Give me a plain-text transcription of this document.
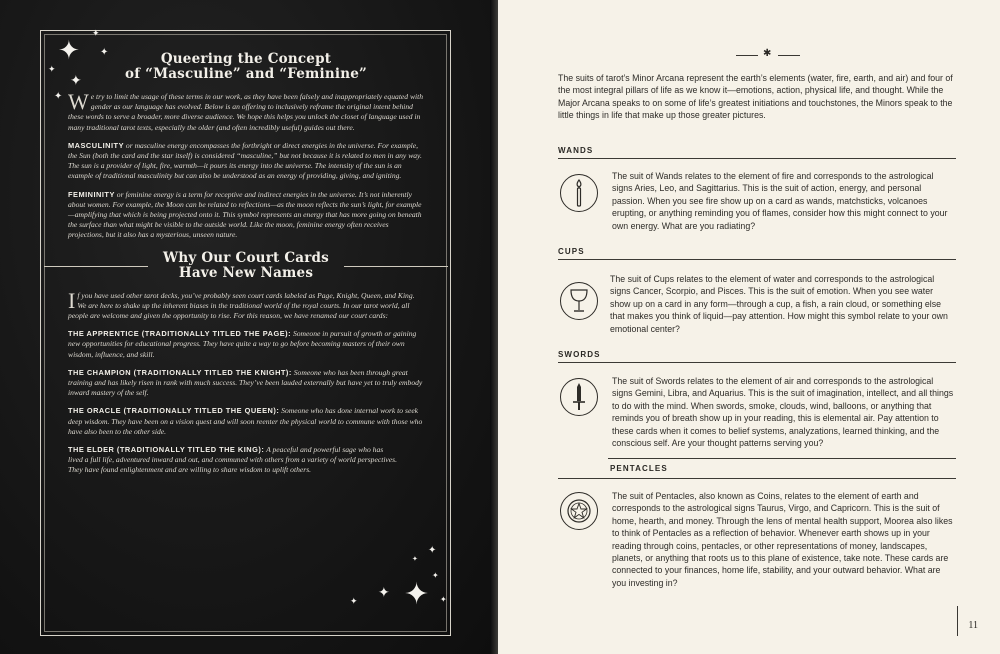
✦
✦
✦
✦
✦
✦
✦
✦
✦
✦
✦
✦
✦
Queering the Concept
of “Masculine” and “Feminine”

We try to limit the usage of these terms in our work, as they have been falsely and inappropriately equated with gender as our language has evolved. Below is an offering to inclusively reframe the original intent behind these words to serve a broader, more diverse audience. We hope this helps you unlock the closet of language used in many traditional tarot texts, especially the older (and often incredibly useful) guides out there.

MASCULINITY or masculine energy encompasses the forthright or direct energies in the universe. For example, the Sun (both the card and the star itself) is considered “masculine,” but not because it is related to men in any way. The sun is a provider of light, fire, warmth—it pours its energy into the universe. The intensity of the sun is an example of traditional masculinity but can also be understood as an energy of providing, giving, and igniting.

FEMININITY or feminine energy is a term for receptive and indirect energies in the universe. It’s not inherently about women. For example, the Moon can be related to reflections—as the moon reflects the sun’s light, for example—amplifying that which is being projected onto it. This symbol represents an energy that has more going on beneath the surface than what might be visible to the outside world. Like the moon, feminine energy often receives projections, but it also has a mysterious, unseen nature.

Why Our Court Cards
Have New Names

If you have used other tarot decks, you’ve probably seen court cards labeled as Page, Knight, Queen, and King. We are here to shake up the inherent biases in the traditional world of the royal courts. In our tarot world, all people are welcome and given the opportunity to rise. For this reason, we have renamed our court cards:

THE APPRENTICE (TRADITIONALLY TITLED THE PAGE): Someone in pursuit of growth or gaining new opportunities for educational progress. They have quite a way to go before becoming masters of their own wisdom, influence, and skill.

THE CHAMPION (TRADITIONALLY TITLED THE KNIGHT): Someone who has been through great training and has likely risen in rank with much success. They’ve been lauded externally but have yet to truly embody inward mastery of the self.

THE ORACLE (TRADITIONALLY TITLED THE QUEEN): Someone who has done internal work to seek deep wisdom. They have been on a vision quest and will soon reenter the physical world to commune with those who have also been to the other side.

THE ELDER (TRADITIONALLY TITLED THE KING): A peaceful and powerful sage who has lived a full life, adventured inward and out, and communed with others from a variety of world perspectives. They have found enlightenment and are willing to share wisdom to uplift others.

✱

The suits of tarot’s Minor Arcana represent the earth’s elements (water, fire, earth, and air) and four of the most integral pillars of life as we know it—emotions, action, physical life, and thought. While the Major Arcana speaks to on some of life’s greatest initiations and touchstones, the Minors speak to the little things in life that make up those greater pictures.

WANDS

The suit of Wands relates to the element of fire and corresponds to the astrological signs Aries, Leo, and Sagittarius. This is the suit of action, energy, and personal passion. When you see fire show up on a card as wands, matchsticks, volcanoes erupting, or anything reminding you of flames, consider how this might connect to your own energy. What are you radiating?

CUPS

The suit of Cups relates to the element of water and corresponds to the astrological signs Cancer, Scorpio, and Pisces. This is the suit of emotion. When you see water show up on a card in any form—through a cup, a fish, a rain cloud, or something else that makes you think of liquid—pay attention. How might this symbol relate to your own emotional center?

SWORDS

The suit of Swords relates to the element of air and corresponds to the astrological signs Gemini, Libra, and Aquarius. This is the suit of imagination, intellect, and all things to do with the mind. When swords, smoke, clouds, wind, balloons, or anything that reminds you of breath show up in your reading, this is elemental air. Pay attention to these cards when it comes to belief systems, analyzations, learned thinking, and the conscious self. Are your thought patterns serving you?

PENTACLES

The suit of Pentacles, also known as Coins, relates to the element of earth and corresponds to the astrological signs Taurus, Virgo, and Capricorn. This is the suit of home, hearth, and money. Through the lens of mental health support, Moorea also likes to think of Pentacles as a reflection of behavior. Whenever earth shows up in your reading through coins, pentacles, or other representations of money, landscapes, planets, or anything that roots us to this plane of existence, take note. These cards are connected to your finances, home life, stability, and your outward behavior. What are you investing in?

11
